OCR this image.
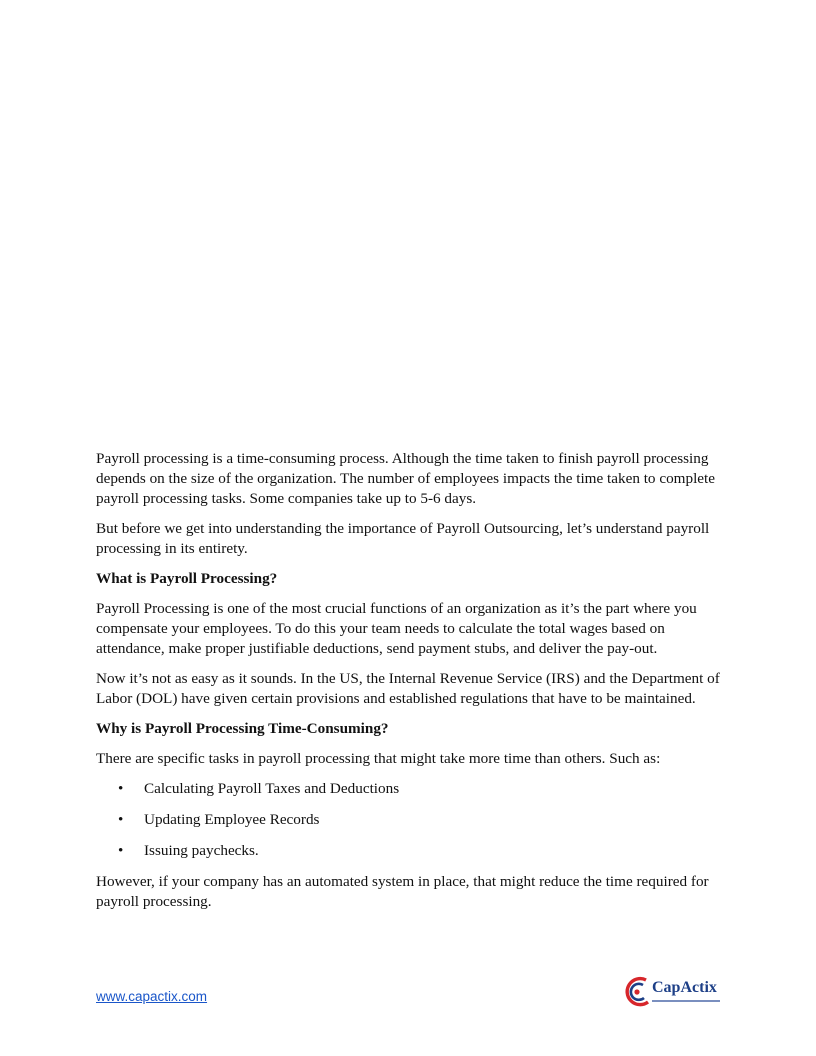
Payroll processing is a time-consuming process. Although the time taken to finish payroll processing depends on the size of the organization. The number of employees impacts the time taken to complete payroll processing tasks. Some companies take up to 5-6 days.

But before we get into understanding the importance of Payroll Outsourcing, let’s understand payroll processing in its entirety.

What is Payroll Processing?

Payroll Processing is one of the most crucial functions of an organization as it’s the part where you compensate your employees. To do this your team needs to calculate the total wages based on attendance, make proper justifiable deductions, send payment stubs, and deliver the pay-out.

Now it’s not as easy as it sounds. In the US, the Internal Revenue Service (IRS) and the Department of Labor (DOL) have given certain provisions and established regulations that have to be maintained.

Why is Payroll Processing Time-Consuming?

There are specific tasks in payroll processing that might take more time than others. Such as:

• Calculating Payroll Taxes and Deductions
• Updating Employee Records
• Issuing paychecks.

However, if your company has an automated system in place, that might reduce the time required for payroll processing.

www.capactix.com
CapActix
